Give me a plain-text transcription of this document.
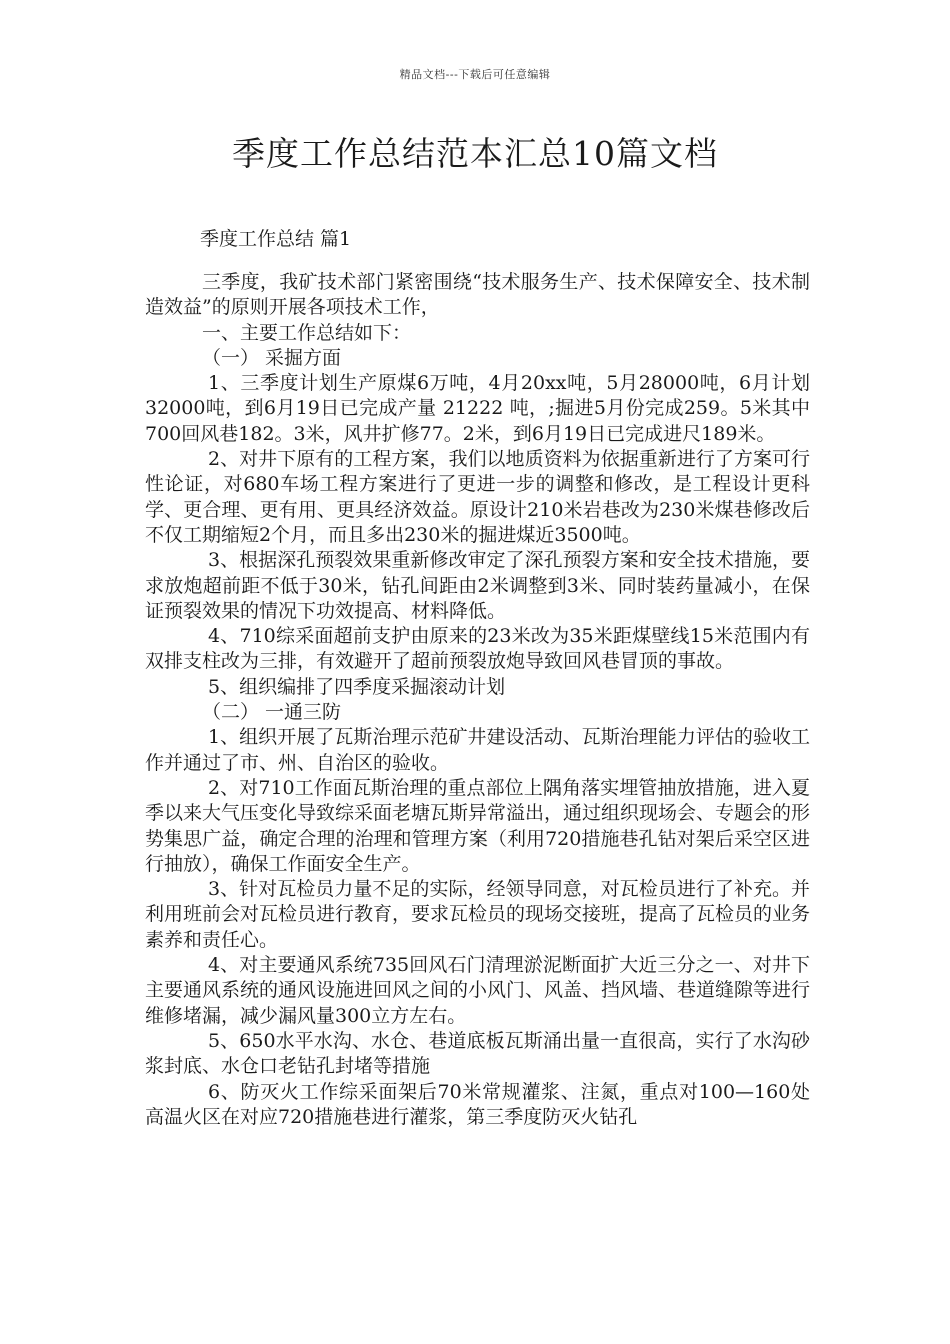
精品文档---下载后可任意编辑
季度工作总结范本汇总10篇文档
季度工作总结 篇1

三季度，我矿技术部门紧密围绕“技术服务生产、技术保障安全、技术制造效益”的原则开展各项技术工作，

一、主要工作总结如下：

（一） 采掘方面

1、三季度计划生产原煤6万吨，4月20xx吨，5月28000吨，6月计划32000吨，到6月19日已完成产量 21222 吨，;掘进5月份完成259。5米其中700回风巷182。3米，风井扩修77。2米，到6月19日已完成进尺189米。

2、对井下原有的工程方案，我们以地质资料为依据重新进行了方案可行性论证，对680车场工程方案进行了更进一步的调整和修改，是工程设计更科学、更合理、更有用、更具经济效益。原设计210米岩巷改为230米煤巷修改后不仅工期缩短2个月，而且多出230米的掘进煤近3500吨。

3、根据深孔预裂效果重新修改审定了深孔预裂方案和安全技术措施，要求放炮超前距不低于30米，钻孔间距由2米调整到3米、同时装药量减小，在保证预裂效果的情况下功效提高、材料降低。

4、710综采面超前支护由原来的23米改为35米距煤壁线15米范围内有双排支柱改为三排，有效避开了超前预裂放炮导致回风巷冒顶的事故。

5、组织编排了四季度采掘滚动计划

（二） 一通三防

1、组织开展了瓦斯治理示范矿井建设活动、瓦斯治理能力评估的验收工作并通过了市、州、自治区的验收。

2、对710工作面瓦斯治理的重点部位上隅角落实埋管抽放措施，进入夏季以来大气压变化导致综采面老塘瓦斯异常溢出，通过组织现场会、专题会的形势集思广益，确定合理的治理和管理方案（利用720措施巷孔钻对架后采空区进行抽放），确保工作面安全生产。

3、针对瓦检员力量不足的实际，经领导同意，对瓦检员进行了补充。并利用班前会对瓦检员进行教育，要求瓦检员的现场交接班，提高了瓦检员的业务素养和责任心。

4、对主要通风系统735回风石门清理淤泥断面扩大近三分之一、对井下主要通风系统的通风设施进回风之间的小风门、风盖、挡风墙、巷道缝隙等进行维修堵漏，减少漏风量300立方左右。

5、650水平水沟、水仓、巷道底板瓦斯涌出量一直很高，实行了水沟砂浆封底、水仓口老钻孔封堵等措施

6、防灭火工作综采面架后70米常规灌浆、注氮，重点对100—160处高温火区在对应720措施巷进行灌浆，第三季度防灭火钻孔
